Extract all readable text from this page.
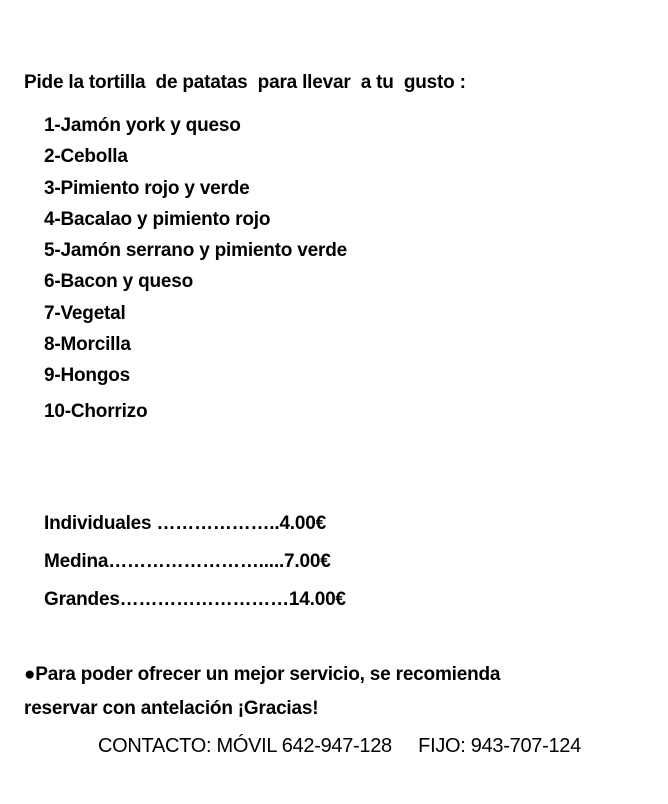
Pide la tortilla  de patatas  para llevar  a tu  gusto :
1-Jamón york y queso
2-Cebolla
3-Pimiento rojo y verde
4-Bacalao y pimiento rojo
5-Jamón serrano y pimiento verde
6-Bacon y queso
7-Vegetal
8-Morcilla
9-Hongos
10-Chorrizo
Individuales ………………..4.00€
Medina…………………….....7.00€
Grandes………………………14.00€
●Para poder ofrecer un mejor servicio, se recomienda
reservar con antelación ¡Gracias!
CONTACTO: MÓVIL 642-947-128     FIJO: 943-707-124
